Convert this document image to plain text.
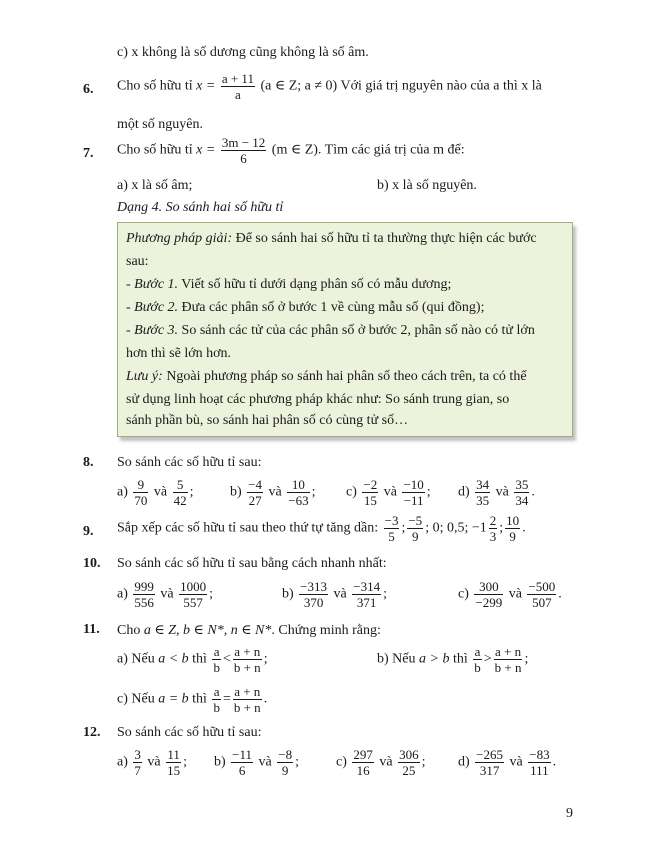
c) x không là số dương cũng không là số âm.
6. Cho số hữu tỉ $x = \frac{a + 11}{a} (a$ ∈ Z; a ≠ 0) Với giá trị nguyên nào của a thì x là
một số nguyên.
7. Cho số hữu tỉ $x = \frac{3m - 12}{6} (m$ ∈ Z). Tìm các giá trị của m để:
a) x là số âm;	b) x là số nguyên.
Dạng 4. So sánh hai số hữu tỉ
Phương pháp giải: Để so sánh hai số hữu tỉ ta thường thực hiện các bước
sau:
- Bước 1. Viết số hữu tỉ dưới dạng phân số có mẫu dương;
- Bước 2. Đưa các phân số ở bước 1 về cùng mẫu số (qui đồng);
- Bước 3. So sánh các tử của các phân số ở bước 2, phân số nào có tử lớn
hơn thì sẽ lớn hơn.
Lưu ý: Ngoài phương pháp so sánh hai phân số theo cách trên, ta có thể
sử dụng linh hoạt các phương pháp khác như: So sánh trung gian, so
sánh phần bù, so sánh hai phân số có cùng tử số…
8. So sánh các số hữu tỉ sau:
$a) \frac{9}{70}$ và $\frac{5}{42}$ ;	$b) \frac{-4}{27}$ và $\frac{10}{-63}$ ; $c) \frac{-2}{15}$ và $\frac{-10}{-11}$ ; $d) \frac{34}{35}$ và $\frac{35}{34}$ .
9. Sắp xếp các số hữu tỉ sau theo thứ tự tăng dần: $\frac{-3}{5}$ ; $\frac{-5}{9}$ ; 0; 0,5; $-1 \frac{2}{3}$ ; $\frac{10}{9}$ .
10. So sánh các số hữu tỉ sau bằng cách nhanh nhất:
$a) \frac{999}{556}$ và $\frac{1000}{557}$ ;	$b) \frac{-313}{370}$ và $\frac{-314}{371}$ ;	$c) \frac{300}{-299}$ và $\frac{-500}{507}$ .
11. Cho a ∈ Z, b ∈ N*, n ∈ N*. Chứng minh rằng:
a) Nếu a < b thì $\frac{a}{b} < \frac{a + n}{b + n}$ ;	b) Nếu a > b thì $\frac{a}{b} > \frac{a + n}{b + n}$ ;
c) Nếu a = b thì $\frac{a}{b} = \frac{a + n}{b + n}$ .
12. So sánh các số hữu tỉ sau:
$a) \frac{3}{7}$ và $\frac{11}{15}$ ; $b) \frac{-11}{6}$ và $\frac{-8}{9}$ ;	$c) \frac{297}{16}$ và $\frac{306}{25}$ ; $d) \frac{-265}{317}$ và $\frac{-83}{111}$ .
9
